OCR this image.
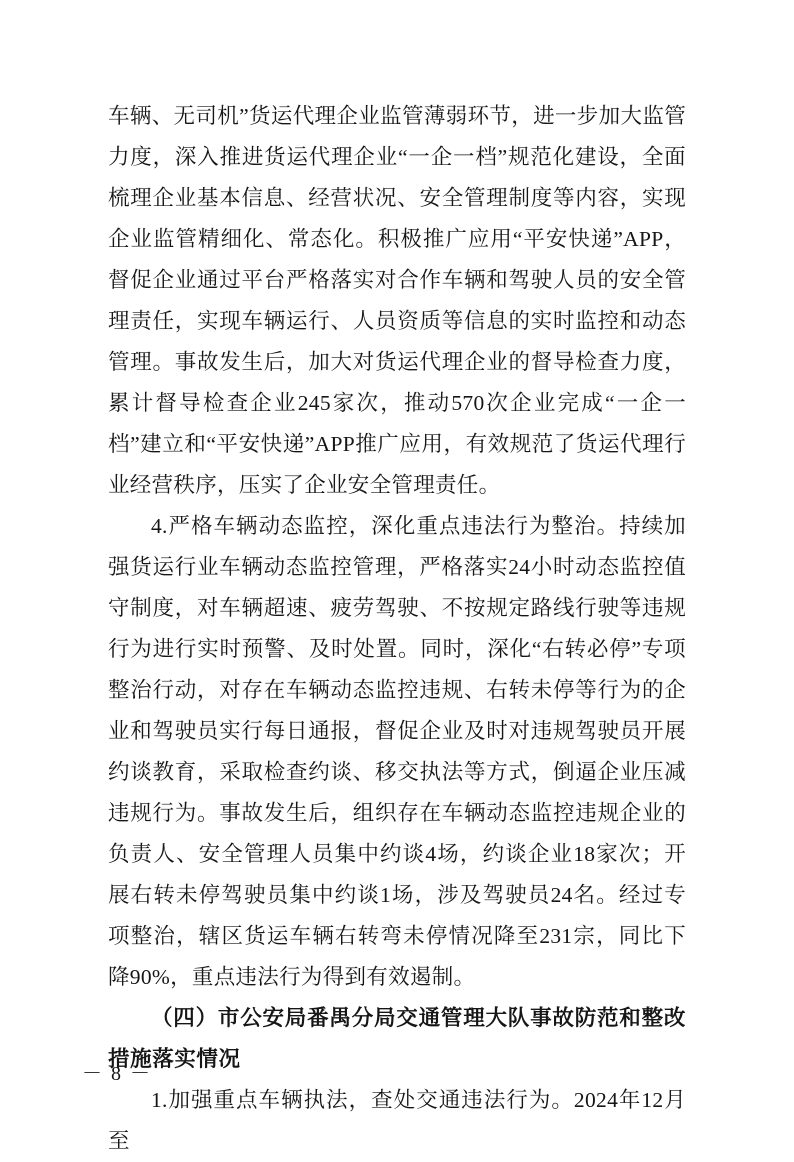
车辆、无司机”货运代理企业监管薄弱环节，进一步加大监管力度，深入推进货运代理企业“一企一档”规范化建设，全面梳理企业基本信息、经营状况、安全管理制度等内容，实现企业监管精细化、常态化。积极推广应用“平安快递”APP，督促企业通过平台严格落实对合作车辆和驾驶人员的安全管理责任，实现车辆运行、人员资质等信息的实时监控和动态管理。事故发生后，加大对货运代理企业的督导检查力度，累计督导检查企业245家次，推动570次企业完成“一企一档”建立和“平安快递”APP推广应用，有效规范了货运代理行业经营秩序，压实了企业安全管理责任。

4.严格车辆动态监控，深化重点违法行为整治。持续加强货运行业车辆动态监控管理，严格落实24小时动态监控值守制度，对车辆超速、疲劳驾驶、不按规定路线行驶等违规行为进行实时预警、及时处置。同时，深化“右转必停”专项整治行动，对存在车辆动态监控违规、右转未停等行为的企业和驾驶员实行每日通报，督促企业及时对违规驾驶员开展约谈教育，采取检查约谈、移交执法等方式，倒逼企业压减违规行为。事故发生后，组织存在车辆动态监控违规企业的负责人、安全管理人员集中约谈4场，约谈企业18家次；开展右转未停驾驶员集中约谈1场，涉及驾驶员24名。经过专项整治，辖区货运车辆右转弯未停情况降至231宗，同比下降90%，重点违法行为得到有效遏制。

（四）市公安局番禺分局交通管理大队事故防范和整改措施落实情况

1.加强重点车辆执法，查处交通违法行为。2024年12月至

－ 8 －
